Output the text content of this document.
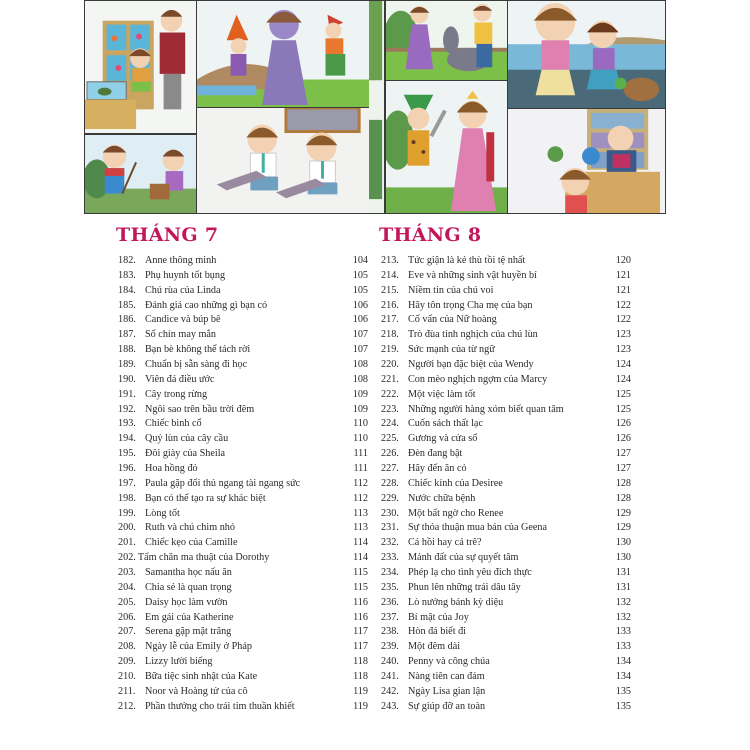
THÁNG 7
182. Anne thông minh	104
183. Phụ huynh tốt bụng	105
184. Chú rùa của Linda	105
185. Đánh giá cao những gì bạn có	106
186. Candice và búp bê	106
187. Số chín may mắn	107
188. Bạn bè không thể tách rời	107
189. Chuẩn bị sẵn sàng đi học	108
190. Viên đá điều ước	108
191. Cây trong rừng	109
192. Ngôi sao trên bầu trời đêm	109
193. Chiếc bình cổ	110
194. Quỷ lùn của cây cầu	110
195. Đôi giày của Sheila	111
196. Hoa hồng đỏ	111
197. Paula gặp đối thủ ngang tài ngang sức	112
198. Bạn có thể tạo ra sự khác biệt	112
199. Lòng tốt	113
200. Ruth và chú chim nhỏ	113
201. Chiếc kẹo của Camille	114
202. Tấm chăn ma thuật của Dorothy	114
203. Samantha học nấu ăn	115
204. Chia sẻ là quan trọng	115
205. Daisy học làm vườn	116
206. Em gái của Katherine	116
207. Serena gặp mặt trăng	117
208. Ngày lễ của Emily ở Pháp	117
209. Lizzy lười biếng	118
210. Bữa tiệc sinh nhật của Kate	118
211. Noor và Hoàng tử của cô	119
212. Phần thưởng cho trái tim thuần khiết	119
THÁNG 8
213. Tức giận là kẻ thù tồi tệ nhất	120
214. Eve và những sinh vật huyền bí	121
215. Niềm tin của chú voi	121
216. Hãy tôn trọng Cha mẹ của bạn	122
217. Cố vấn của Nữ hoàng	122
218. Trò đùa tinh nghịch của chú lùn	123
219. Sức mạnh của từ ngữ	123
220. Người bạn đặc biệt của Wendy	124
221. Con mèo nghịch ngợm của Marcy	124
222. Một việc làm tốt	125
223. Những người hàng xóm biết quan tâm	125
224. Cuốn sách thất lạc	126
225. Gương và cửa sổ	126
226. Đèn đang bật	127
227. Hãy đến ăn cỏ	127
228. Chiếc kính của Desiree	128
229. Nước chữa bệnh	128
230. Một bất ngờ cho Renee	129
231. Sự thỏa thuận mua bán của Geena	129
232. Cá hồi hay cá trê?	130
233. Mảnh đất của sự quyết tâm	130
234. Phép lạ cho tình yêu đích thực	131
235. Phun lên những trái dâu tây	131
236. Lò nướng bánh kỳ diệu	132
237. Bí mật của Joy	132
238. Hòn đá biết đi	133
239. Một đêm dài	133
240. Penny và công chúa	134
241. Nàng tiên can đảm	134
242. Ngày Lisa gian lận	135
243. Sự giúp đỡ an toàn	135
